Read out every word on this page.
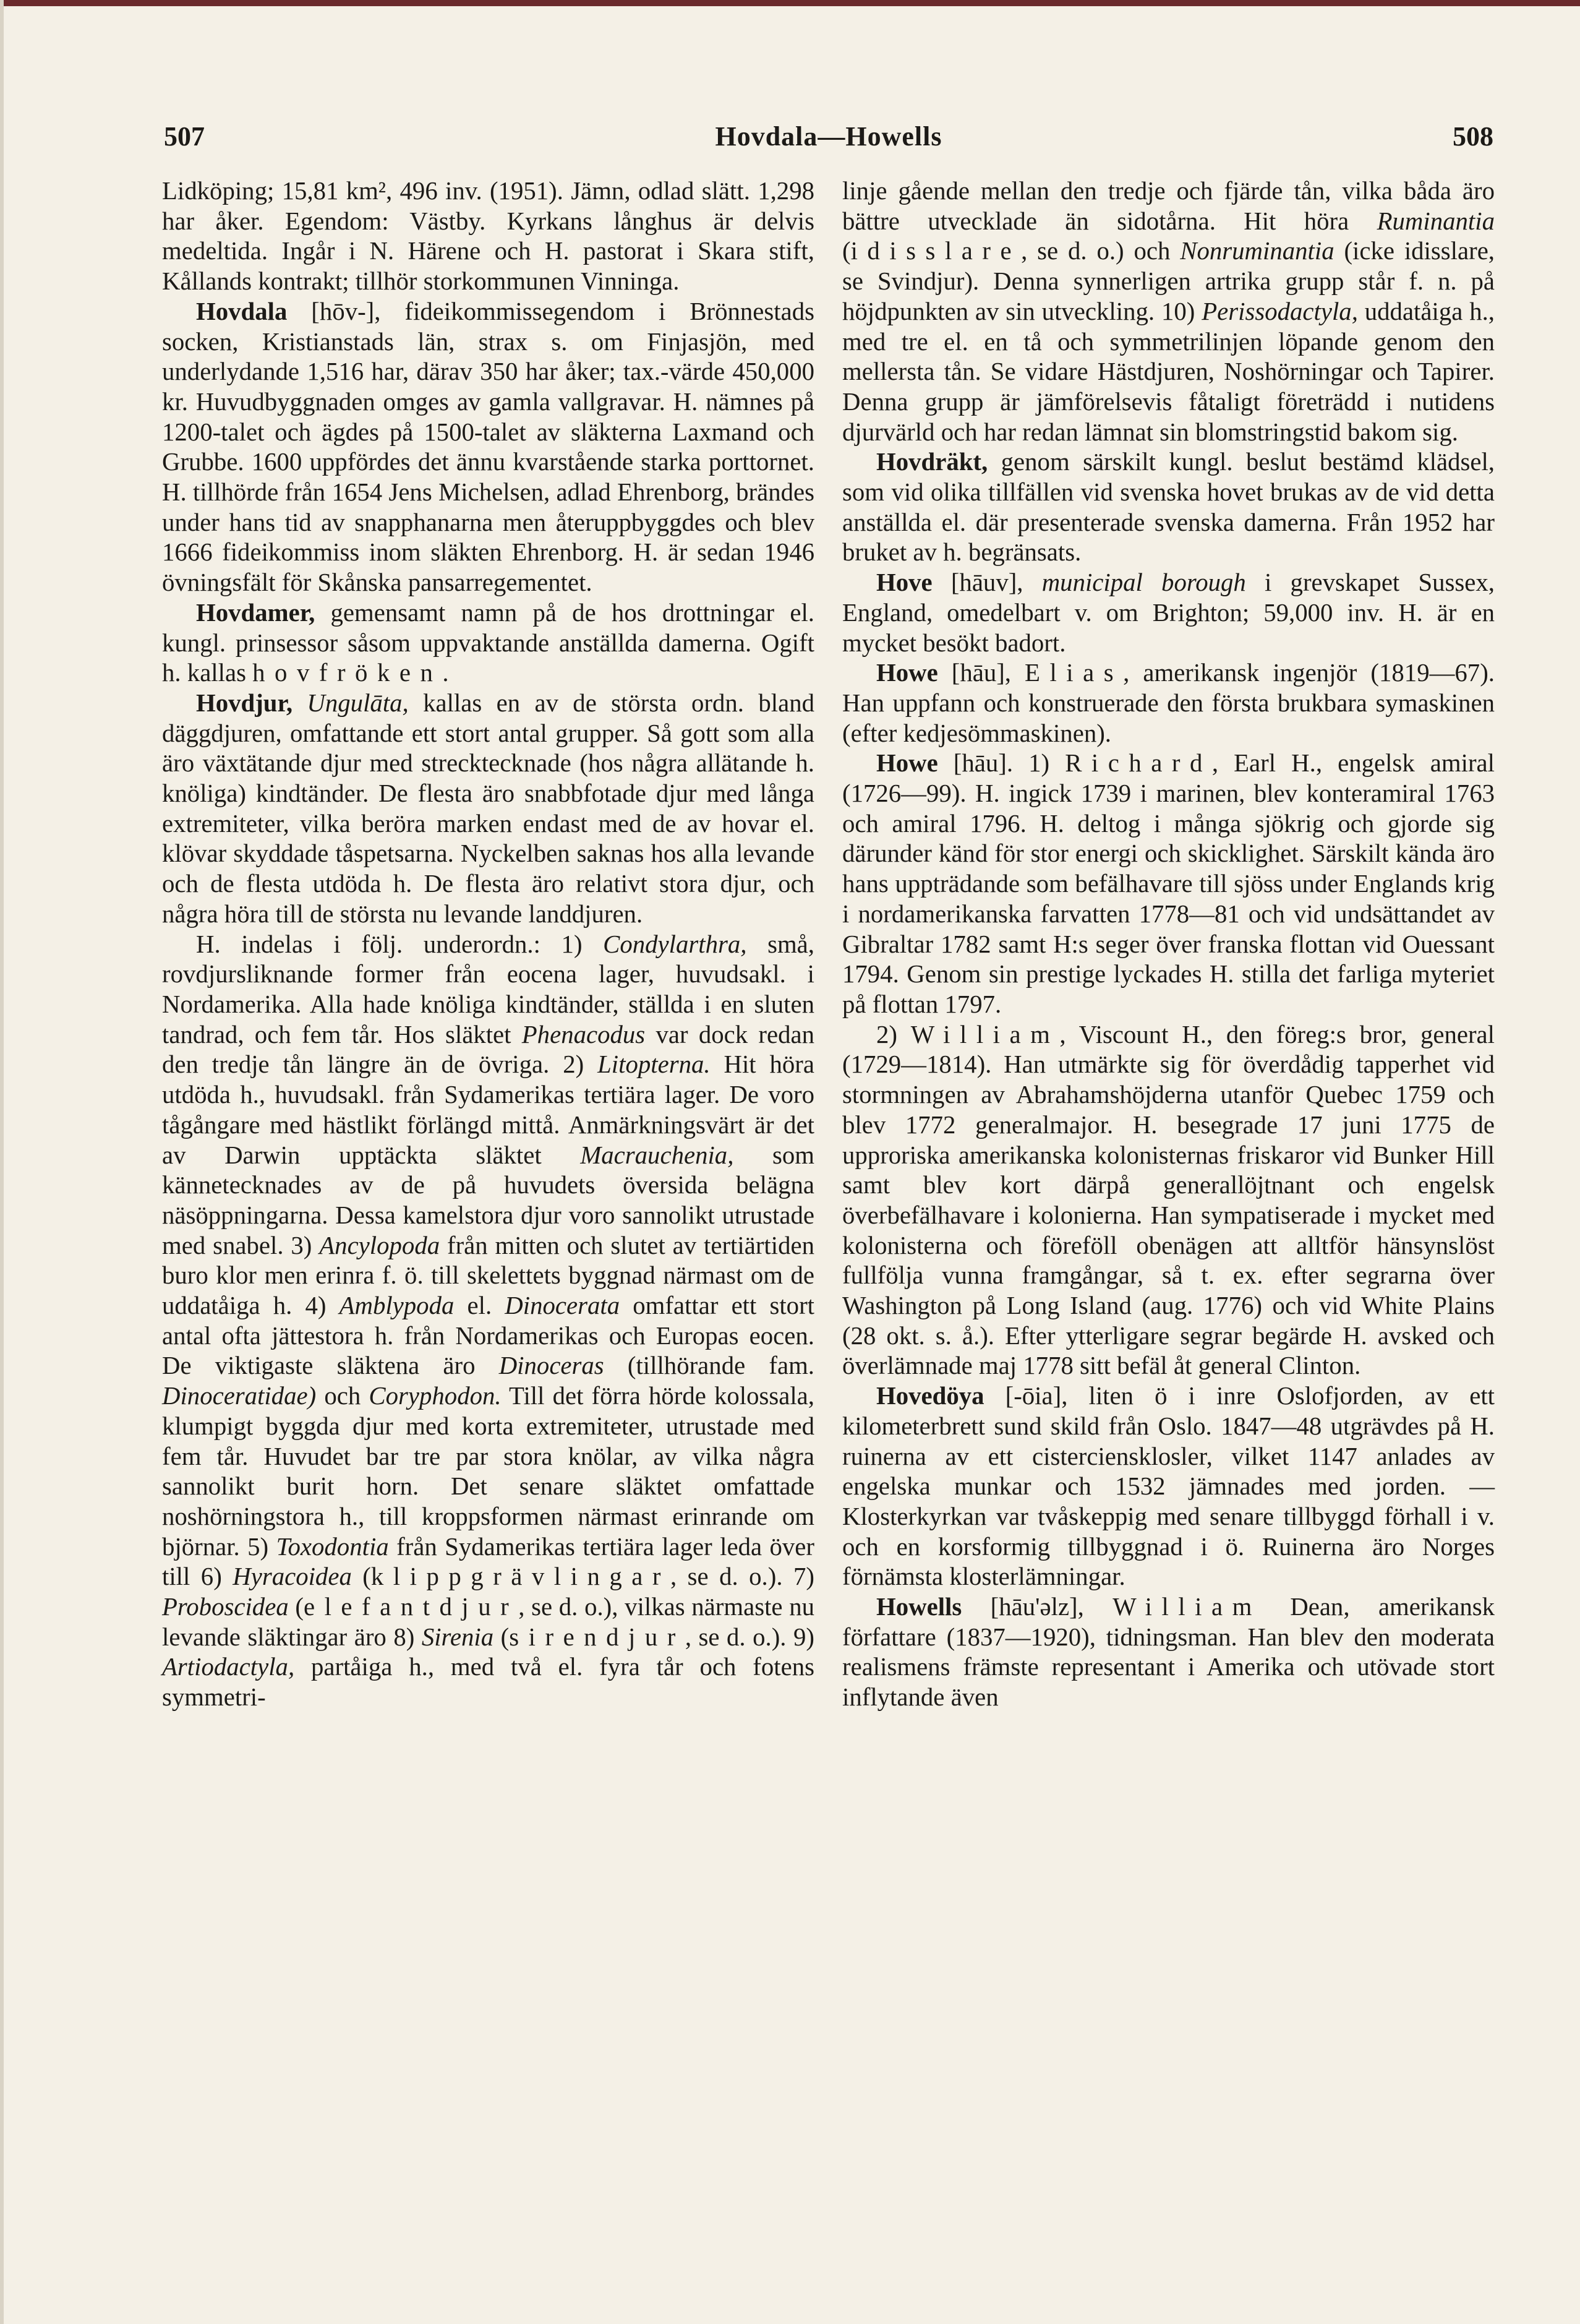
507	Hovdala—Howells	508

Lidköping; 15,81 km², 496 inv. (1951). Jämn, odlad slätt. 1,298 har åker. Egendom: Västby. Kyrkans långhus är delvis medeltida. Ingår i N. Härene och H. pastorat i Skara stift, Kållands kontrakt; tillhör storkommunen Vinninga.

Hovdala [hōv-], fideikommissegendom i Brönnestads socken, Kristianstads län, strax s. om Finjasjön, med underlydande 1,516 har, därav 350 har åker; tax.-värde 450,000 kr. Huvudbyggnaden omges av gamla vallgravar. H. nämnes på 1200-talet och ägdes på 1500-talet av släkterna Laxmand och Grubbe. 1600 uppfördes det ännu kvarstående starka porttornet. H. tillhörde från 1654 Jens Michelsen, adlad Ehrenborg, brändes under hans tid av snapphanarna men återuppbyggdes och blev 1666 fideikommiss inom släkten Ehrenborg. H. är sedan 1946 övningsfält för Skånska pansarregementet.

Hovdamer, gemensamt namn på de hos drottningar el. kungl. prinsessor såsom uppvaktande anställda damerna. Ogift h. kallas hovfröken.

Hovdjur, Ungulāta, kallas en av de största ordn. bland däggdjuren, omfattande ett stort antal grupper. Så gott som alla äro växtätande djur med strecktecknade (hos några allätande h. knöliga) kindtänder. De flesta äro snabbfotade djur med långa extremiteter, vilka beröra marken endast med de av hovar el. klövar skyddade tåspetsarna. Nyckelben saknas hos alla levande och de flesta utdöda h. De flesta äro relativt stora djur, och några höra till de största nu levande landdjuren.

H. indelas i följ. underordn.: 1) Condylarthra, små, rovdjursliknande former från eocena lager, huvudsakl. i Nordamerika. Alla hade knöliga kindtänder, ställda i en sluten tandrad, och fem tår. Hos släktet Phenacodus var dock redan den tredje tån längre än de övriga. 2) Litopterna. Hit höra utdöda h., huvudsakl. från Sydamerikas tertiära lager. De voro tågångare med hästlikt förlängd mittå. Anmärkningsvärt är det av Darwin upptäckta släktet Macrauchenia, som kännetecknades av de på huvudets översida belägna näsöppningarna. Dessa kamelstora djur voro sannolikt utrustade med snabel. 3) Ancylopoda från mitten och slutet av tertiärtiden buro klor men erinra f. ö. till skelettets byggnad närmast om de uddatåiga h. 4) Amblypoda el. Dinocerata omfattar ett stort antal ofta jättestora h. från Nordamerikas och Europas eocen. De viktigaste släktena äro Dinoceras (tillhörande fam. Dinoceratidae) och Coryphodon. Till det förra hörde kolossala, klumpigt byggda djur med korta extremiteter, utrustade med fem tår. Huvudet bar tre par stora knölar, av vilka några sannolikt burit horn. Det senare släktet omfattade noshörningstora h., till kroppsformen närmast erinrande om björnar. 5) Toxodontia från Sydamerikas tertiära lager leda över till 6) Hyracoidea (klippgrävlingar, se d. o.). 7) Proboscidea (elefantdjur, se d. o.), vilkas närmaste nu levande släktingar äro 8) Sirenia (sirendjur, se d. o.). 9) Artiodactyla, partåiga h., med två el. fyra tår och fotens symmetri-

linje gående mellan den tredje och fjärde tån, vilka båda äro bättre utvecklade än sidotårna. Hit höra Ruminantia (idisslare, se d. o.) och Nonruminantia (icke idisslare, se Svindjur). Denna synnerligen artrika grupp står f. n. på höjdpunkten av sin utveckling. 10) Perissodactyla, uddatåiga h., med tre el. en tå och symmetrilinjen löpande genom den mellersta tån. Se vidare Hästdjuren, Noshörningar och Tapirer. Denna grupp är jämförelsevis fåtaligt företrädd i nutidens djurvärld och har redan lämnat sin blomstringstid bakom sig.

Hovdräkt, genom särskilt kungl. beslut bestämd klädsel, som vid olika tillfällen vid svenska hovet brukas av de vid detta anställda el. där presenterade svenska damerna. Från 1952 har bruket av h. begränsats.

Hove [hāuv], municipal borough i grevskapet Sussex, England, omedelbart v. om Brighton; 59,000 inv. H. är en mycket besökt badort.

Howe [hāu], Elias, amerikansk ingenjör (1819—67). Han uppfann och konstruerade den första brukbara symaskinen (efter kedjesömmaskinen).

Howe [hāu]. 1) Richard, Earl H., engelsk amiral (1726—99). H. ingick 1739 i marinen, blev konteramiral 1763 och amiral 1796. H. deltog i många sjökrig och gjorde sig därunder känd för stor energi och skicklighet. Särskilt kända äro hans uppträdande som befälhavare till sjöss under Englands krig i nordamerikanska farvatten 1778—81 och vid undsättandet av Gibraltar 1782 samt H:s seger över franska flottan vid Ouessant 1794. Genom sin prestige lyckades H. stilla det farliga myteriet på flottan 1797.

2) William, Viscount H., den föreg:s bror, general (1729—1814). Han utmärkte sig för överdådig tapperhet vid stormningen av Abrahamshöjderna utanför Quebec 1759 och blev 1772 generalmajor. H. besegrade 17 juni 1775 de upproriska amerikanska kolonisternas friskaror vid Bunker Hill samt blev kort därpå generallöjtnant och engelsk överbefälhavare i kolonierna. Han sympatiserade i mycket med kolonisterna och föreföll obenägen att alltför hänsynslöst fullfölja vunna framgångar, så t. ex. efter segrarna över Washington på Long Island (aug. 1776) och vid White Plains (28 okt. s. å.). Efter ytterligare segrar begärde H. avsked och överlämnade maj 1778 sitt befäl åt general Clinton.

Hovedöya [-ōia], liten ö i inre Oslofjorden, av ett kilometerbrett sund skild från Oslo. 1847—48 utgrävdes på H. ruinerna av ett cisterciensklosler, vilket 1147 anlades av engelska munkar och 1532 jämnades med jorden. — Klosterkyrkan var tvåskeppig med senare tillbyggd förhall i v. och en korsformig tillbyggnad i ö. Ruinerna äro Norges förnämsta klosterlämningar.

Howells [hāu'əlz], William Dean, amerikansk författare (1837—1920), tidningsman. Han blev den moderata realismens främste representant i Amerika och utövade stort inflytande även
